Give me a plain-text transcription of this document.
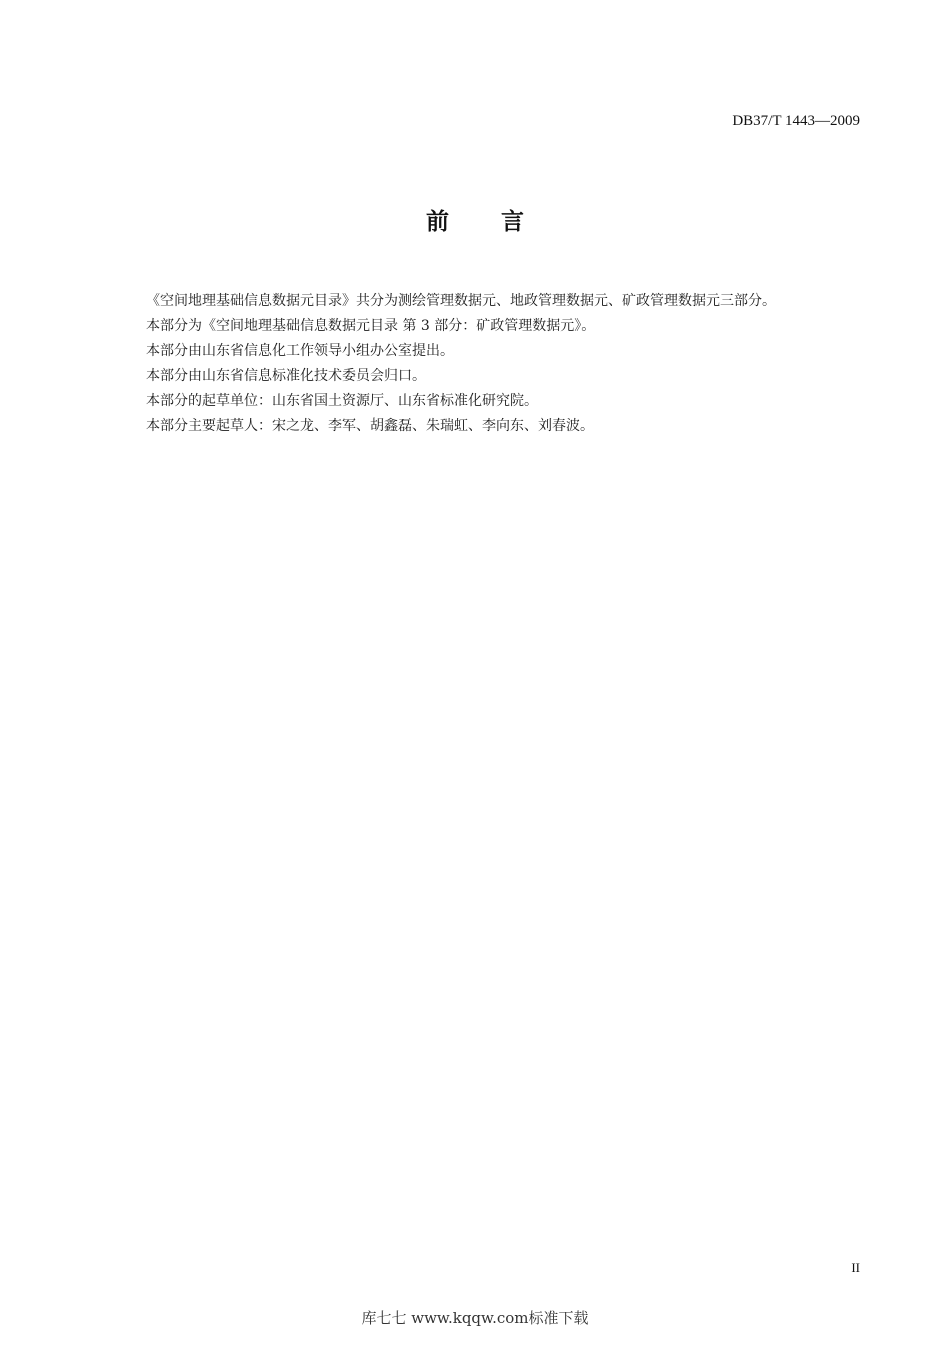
DB37/T 1443—2009
前 言

《空间地理基础信息数据元目录》共分为测绘管理数据元、地政管理数据元、矿政管理数据元三部分。

本部分为《空间地理基础信息数据元目录 第 3 部分：矿政管理数据元》。

本部分由山东省信息化工作领导小组办公室提出。

本部分由山东省信息标准化技术委员会归口。

本部分的起草单位：山东省国土资源厅、山东省标准化研究院。

本部分主要起草人：宋之龙、李军、胡鑫磊、朱瑞虹、李向东、刘春波。

II
库七七 www.kqqw.com标准下载
